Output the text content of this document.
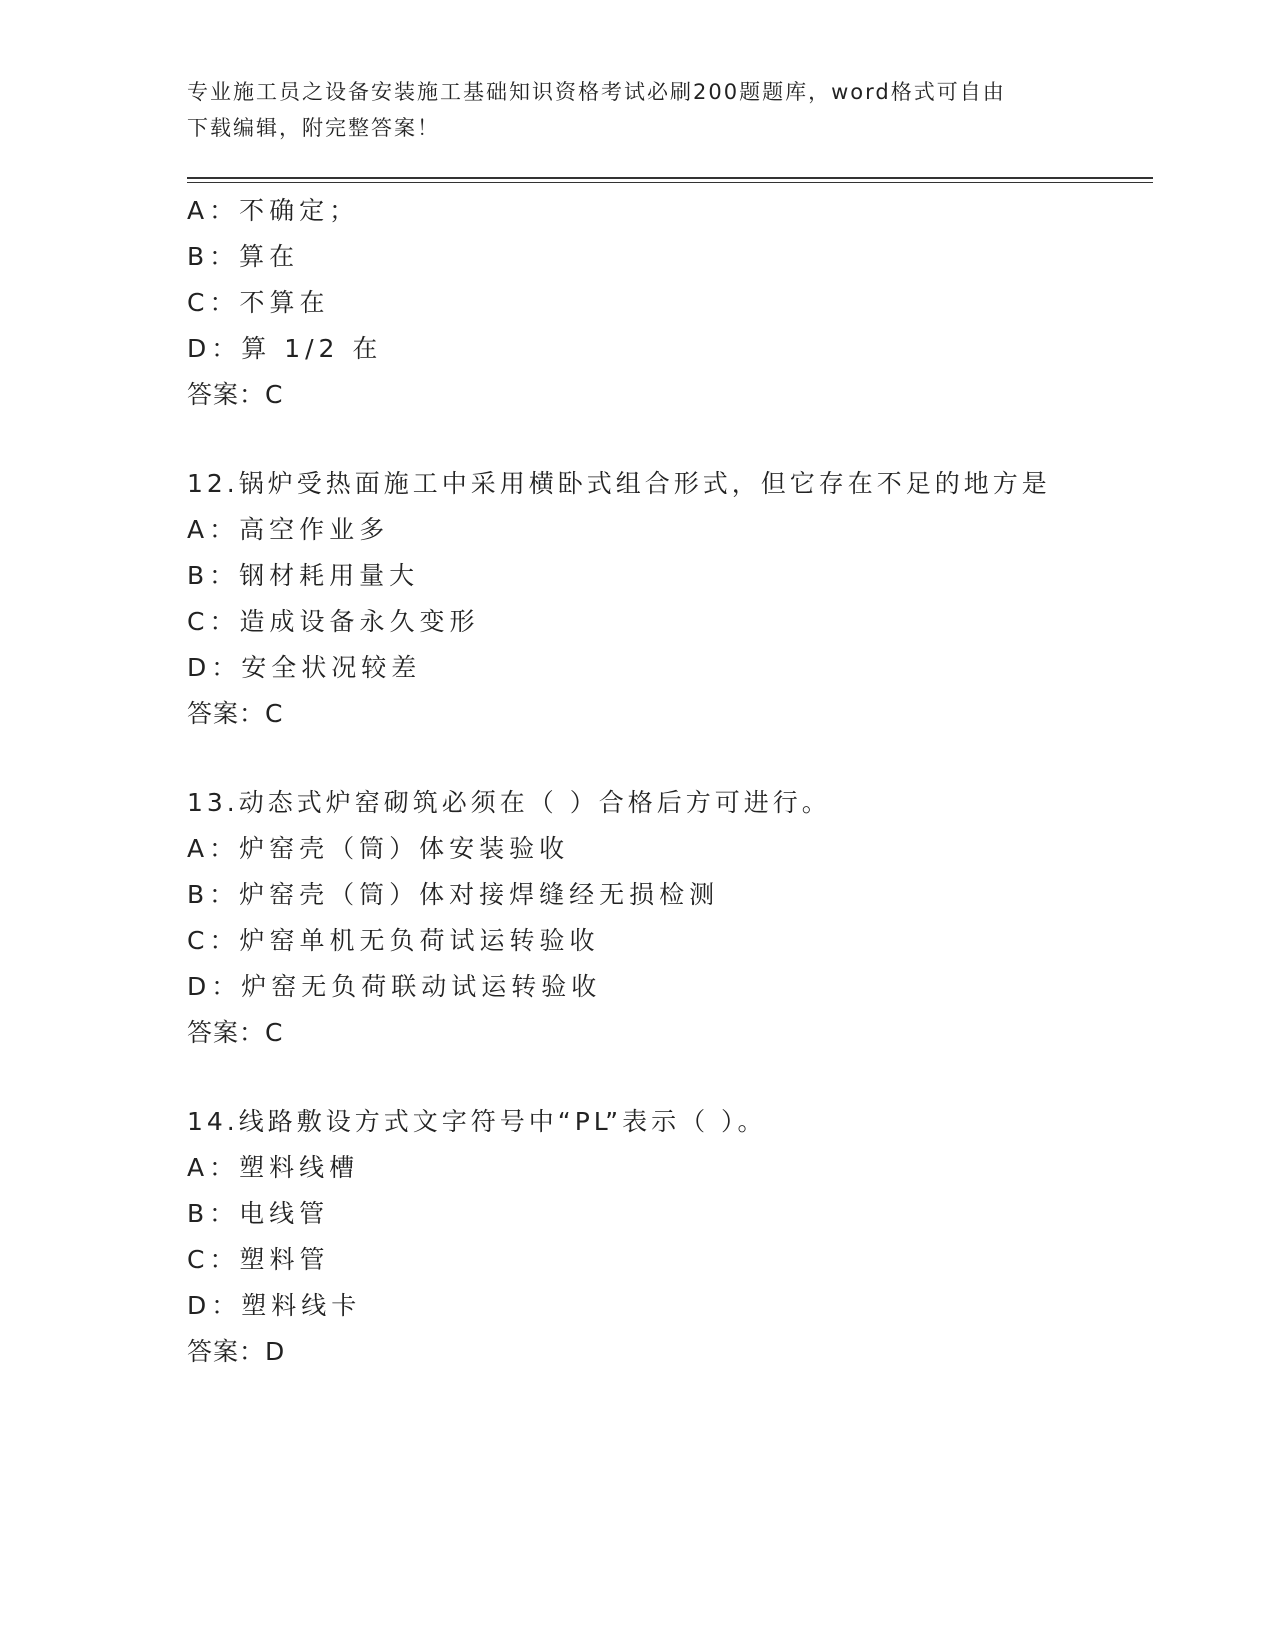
专业施工员之设备安装施工基础知识资格考试必刷200题题库，word格式可自由
下载编辑，附完整答案！
A：不确定；
B：算在
C：不算在
D：算 1/2 在
答案：C
12.锅炉受热面施工中采用横卧式组合形式，但它存在不足的地方是
A：高空作业多
B：钢材耗用量大
C：造成设备永久变形
D：安全状况较差
答案：C
13.动态式炉窑砌筑必须在（ ）合格后方可进行。
A：炉窑壳（筒）体安装验收
B：炉窑壳（筒）体对接焊缝经无损检测
C：炉窑单机无负荷试运转验收
D：炉窑无负荷联动试运转验收
答案：C
14.线路敷设方式文字符号中“PL”表示（ ）。
A：塑料线槽
B：电线管
C：塑料管
D：塑料线卡
答案：D
